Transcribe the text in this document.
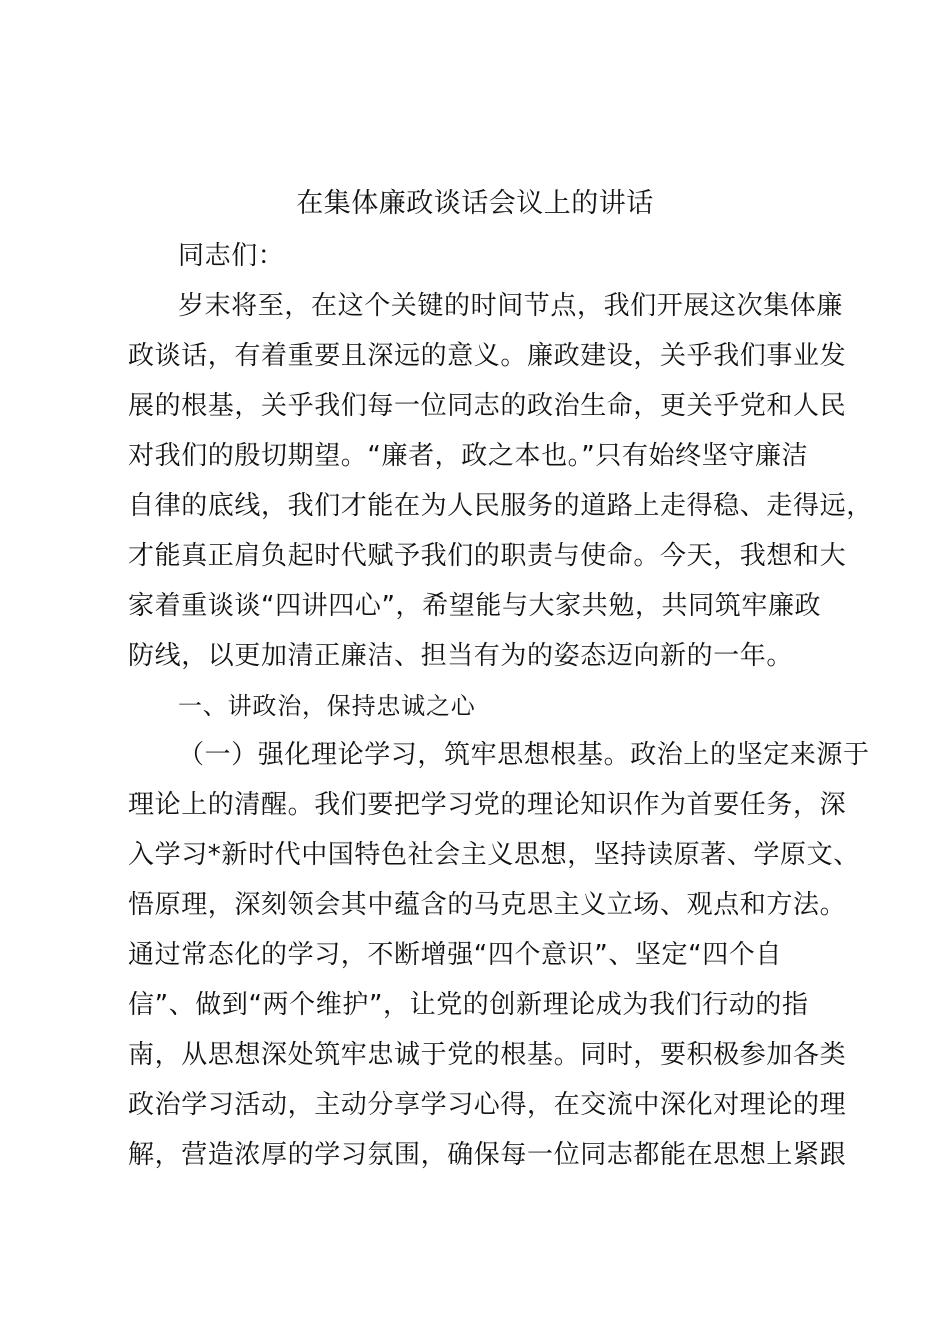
在集体廉政谈话会议上的讲话
同志们：
岁末将至，在这个关键的时间节点，我们开展这次集体廉
政谈话，有着重要且深远的意义。廉政建设，关乎我们事业发
展的根基，关乎我们每一位同志的政治生命，更关乎党和人民
对我们的殷切期望。“廉者，政之本也。”只有始终坚守廉洁
自律的底线，我们才能在为人民服务的道路上走得稳、走得远，
才能真正肩负起时代赋予我们的职责与使命。今天，我想和大
家着重谈谈“四讲四心”，希望能与大家共勉，共同筑牢廉政
防线，以更加清正廉洁、担当有为的姿态迈向新的一年。
一、讲政治，保持忠诚之心
（一）强化理论学习，筑牢思想根基。政治上的坚定来源于
理论上的清醒。我们要把学习党的理论知识作为首要任务，深
入学习*新时代中国特色社会主义思想，坚持读原著、学原文、
悟原理，深刻领会其中蕴含的马克思主义立场、观点和方法。
通过常态化的学习，不断增强“四个意识”、坚定“四个自
信”、做到“两个维护”，让党的创新理论成为我们行动的指
南，从思想深处筑牢忠诚于党的根基。同时，要积极参加各类
政治学习活动，主动分享学习心得，在交流中深化对理论的理
解，营造浓厚的学习氛围，确保每一位同志都能在思想上紧跟
